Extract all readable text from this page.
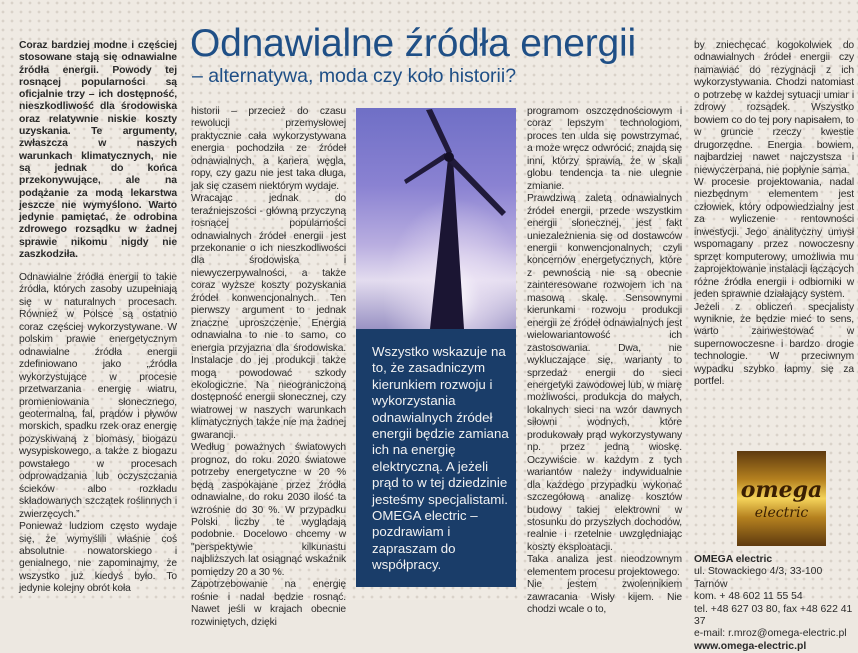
Coraz bardziej modne i częściej stosowane stają się odnawialne źródła energii. Powody tej rosnącej popularności są oficjalnie trzy – ich dostępność, nieszkodliwość dla środowiska oraz relatywnie niskie koszty uzyskania. Te argumenty, zwłaszcza w naszych warunkach klimatycznych, nie są jednak do końca przekonywujące, ale na podążanie za modą lekarstwa jeszcze nie wymyślono. Warto jedynie pamiętać, że odrobina zdrowego rozsądku w żadnej sprawie nikomu nigdy nie zaszkodziła.

Odnawialne źródła energii
– alternatywa, moda czy koło historii?

Odnawialne źródła energii to takie źródła, których zasoby uzupełniają się w naturalnych procesach. Również w Polsce są ostatnio coraz częściej wykorzystywane. W polskim prawie energetycznym odnawialne źródła energii zdefiniowano jako „źródła wykorzystujące w procesie przetwarzania energię wiatru, promieniowania słonecznego, geotermalną, fal, prądów i pływów morskich, spadku rzek oraz energię pozyskiwaną z biomasy, biogazu wysypiskowego, a także z biogazu powstałego w procesach odprowadzania lub oczyszczania ścieków albo rozkładu składowanych szczątek roślinnych i zwierzęcych.”

Ponieważ ludziom często wydaje się, że wymyślili właśnie coś absolutnie nowatorskiego i genialnego, nie zapominajmy, że wszystko już kiedyś było. To jedynie kolejny obrót koła

historii – przecież do czasu rewolucji przemysłowej praktycznie cała wykorzystywana energia pochodziła ze źródeł odnawialnych, a kariera węgla, ropy, czy gazu nie jest taka długa, jak się czasem niektórym wydaje.

Wracając jednak do teraźniejszości - główną przyczyną rosnącej popularności odnawialnych źródeł energii jest przekonanie o ich nieszkodliwości dla środowiska i niewyczerpywalności, a także coraz wyższe koszty pozyskania źródeł konwencjonalnych. Ten pierwszy argument to jednak znaczne uproszczenie. Energia odnawialna to nie to samo, co energia przyjazna dla środowiska. Instalacje do jej produkcji także mogą powodować szkody ekologiczne. Na nieograniczoną dostępność energii słonecznej, czy wiatrowej w naszych warunkach klimatycznych także nie ma żadnej gwarancji.

Według poważnych światowych prognoz, do roku 2020 światowe potrzeby energetyczne w 20 % będą zaspokajane przez źródła odnawialne, do roku 2030 ilość ta wzrośnie do 30 %. W przypadku Polski liczby te wyglądają podobnie. Docelowo chcemy w "perspektywie kilkunastu najbliższych lat osiągnąć wskaźnik pomiędzy 20 a 30 %.

Zapotrzebowanie na energię rośnie i nadal będzie rosnąć. Nawet jeśli w krajach obecnie rozwiniętych, dzięki

Wszystko wskazuje na to, że zasadniczym kierunkiem rozwoju i wykorzystania odnawialnych źródeł energii będzie zamiana ich na energię elektryczną. A jeżeli prąd to w tej dziedzinie jesteśmy specjalistami. OMEGA electric – pozdrawiam i zapraszam do współpracy.

programom oszczędnościowym i coraz lepszym technologiom, proces ten ulda się powstrzymać, a może wręcz odwrócić, znajdą się inni, którzy sprawią, że w skali globu tendencja ta nie ulegnie zmianie.

Prawdziwą zaletą odnawialnych źródeł energii, przede wszystkim energii słonecznej, jest fakt uniezależnienia się od dostawców energii konwencjonalnych, czyli koncernów energetycznych, które z pewnością nie są obecnie zainteresowane rozwojem ich na masową skalę. Sensownymi kierunkami rozwoju produkcji energii ze źródeł odnawialnych jest wielowariantowość ich zastosowania. Dwa, nie wykluczające się, warianty to sprzedaż energii do sieci energetyki zawodowej lub, w miarę możliwości, produkcja do małych, lokalnych sieci na wzór dawnych siłowni wodnych, które produkowały prąd wykorzystywany np. przez jedną wioskę. Oczywiście w każdym z tych wariantów należy indywidualnie dla każdego przypadku wykonać szczegółową analizę kosztów budowy takiej elektrowni w stosunku do przyszłych dochodów, realnie i rzetelnie uwzględniając koszty eksploatacji.

Taka analiza jest nieodzownym elementem procesu projektowego.

Nie jestem zwolennikiem zawracania Wisły kijem. Nie chodzi wcale o to,

by zniechęcać kogokolwiek do odnawialnych źródeł energii czy namawiać do rezygnacji z ich wykorzystywania. Chodzi natomiast o potrzebę w każdej sytuacji umiar i zdrowy rozsądek. Wszystko bowiem co do tej pory napisałem, to w gruncie rzeczy kwestie drugorzędne. Energia bowiem, najbardziej nawet najczystsza i niewyczerpana, nie popłynie sama.

W procesie projektowania, nadal niezbędnym elementem jest człowiek, który odpowiedzialny jest za wyliczenie rentowności inwestycji. Jego analityczny umysł wspomagany przez nowoczesny sprzęt komputerowy, umożliwia mu zaprojektowanie instalacji łączących różne źródła energii i odbiorniki w jeden sprawnie działający system.

Jeżeli z obliczeń specjalisty wyniknie, że będzie mieć to sens, warto zainwestować w supernowoczesne i bardzo drogie technologie. W przeciwnym wypadku szybko łapmy się za portfel.

omega
electric
OMEGA electric
ul. Stowackiego 4/3, 33-100 Tarnów
kom. + 48 602 11 55 54
tel. +48 627 03 80, fax +48 622 41 37
e-mail: r.mroz@omega-electric.pl
www.omega-electric.pl
